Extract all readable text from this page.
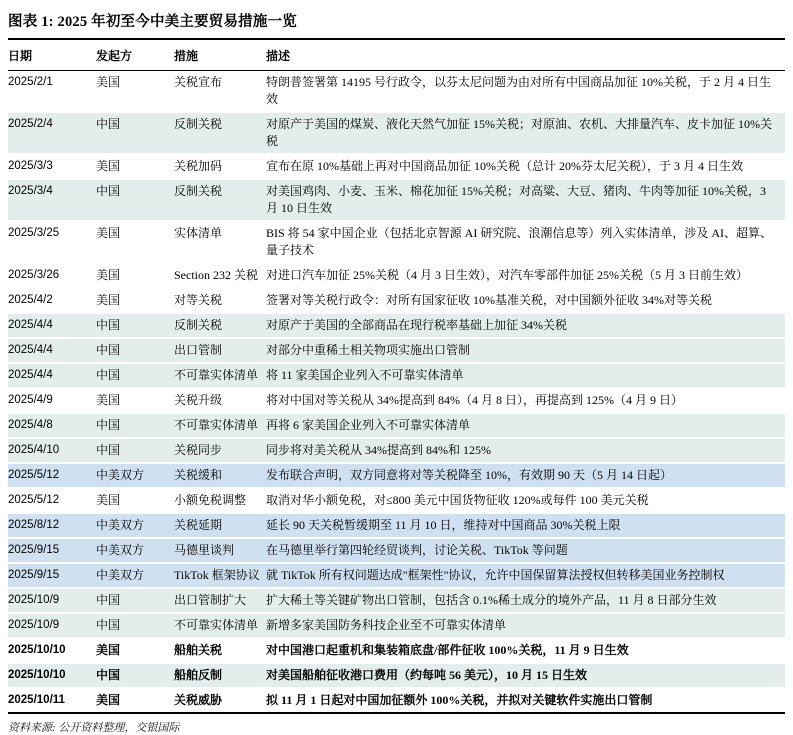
图表 1: 2025 年初至今中美主要贸易措施一览
日期	发起方	措施	描述
2025/2/1	美国	关税宣布	特朗普签署第 14195 号行政令，以芬太尼问题为由对所有中国商品加征 10%关税，于 2 月 4 日生效
2025/2/4	中国	反制关税	对原产于美国的煤炭、液化天然气加征 15%关税；对原油、农机、大排量汽车、皮卡加征 10%关税
2025/3/3	美国	关税加码	宣布在原 10%基础上再对中国商品加征 10%关税（总计 20%芬太尼关税），于 3 月 4 日生效
2025/3/4	中国	反制关税	对美国鸡肉、小麦、玉米、棉花加征 15%关税；对高粱、大豆、猪肉、牛肉等加征 10%关税，3 月 10 日生效
2025/3/25	美国	实体清单	BIS 将 54 家中国企业（包括北京智源 AI 研究院、浪潮信息等）列入实体清单，涉及 AI、超算、量子技术
2025/3/26	美国	Section 232 关税	对进口汽车加征 25%关税（4 月 3 日生效），对汽车零部件加征 25%关税（5 月 3 日前生效）
2025/4/2	美国	对等关税	签署对等关税行政令：对所有国家征收 10%基准关税，对中国额外征收 34%对等关税
2025/4/4	中国	反制关税	对原产于美国的全部商品在现行税率基础上加征 34%关税
2025/4/4	中国	出口管制	对部分中重稀土相关物项实施出口管制
2025/4/4	中国	不可靠实体清单	将 11 家美国企业列入不可靠实体清单
2025/4/9	美国	关税升级	将对中国对等关税从 34%提高到 84%（4 月 8 日），再提高到 125%（4 月 9 日）
2025/4/8	中国	不可靠实体清单	再将 6 家美国企业列入不可靠实体清单
2025/4/10	中国	关税同步	同步将对美关税从 34%提高到 84%和 125%
2025/5/12	中美双方	关税缓和	发布联合声明，双方同意将对等关税降至 10%，有效期 90 天（5 月 14 日起）
2025/5/12	美国	小额免税调整	取消对华小额免税，对≤800 美元中国货物征收 120%或每件 100 美元关税
2025/8/12	中美双方	关税延期	延长 90 天关税暂缓期至 11 月 10 日，维持对中国商品 30%关税上限
2025/9/15	中美双方	马德里谈判	在马德里举行第四轮经贸谈判，讨论关税、TikTok 等问题
2025/9/15	中美双方	TikTok 框架协议	就 TikTok 所有权问题达成"框架性"协议，允许中国保留算法授权但转移美国业务控制权
2025/10/9	中国	出口管制扩大	扩大稀土等关键矿物出口管制，包括含 0.1%稀土成分的境外产品，11 月 8 日部分生效
2025/10/9	中国	不可靠实体清单	新增多家美国防务科技企业至不可靠实体清单
2025/10/10	美国	船舶关税	对中国港口起重机和集装箱底盘/部件征收 100%关税，11 月 9 日生效
2025/10/10	中国	船舶反制	对美国船舶征收港口费用（约每吨 56 美元），10 月 15 日生效
2025/10/11	美国	关税威胁	拟 11 月 1 日起对中国加征额外 100%关税，并拟对关键软件实施出口管制
资料来源: 公开资料整理，交银国际
